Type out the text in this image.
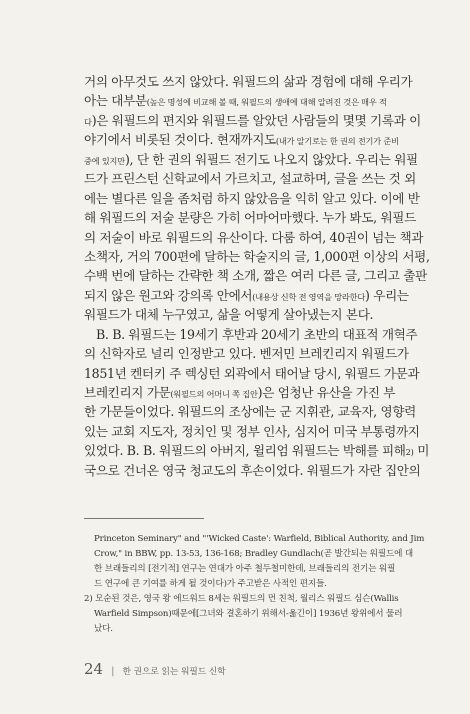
거의 아무것도 쓰지 않았다. 워필드의 삶과 경험에 대해 우리가
아는 대부분(높은 명성에 비교해 볼 때, 워필드의 생애에 대해 알려진 것은 매우 적
다)은 워필드의 편지와 워필드를 알았던 사람들의 몇몇 기록과 이
야기에서 비롯된 것이다. 현재까지도(내가 알기로는 한 권의 전기가 준비
중에 있지만), 단 한 권의 워필드 전기도 나오지 않았다. 우리는 워필
드가 프린스턴 신학교에서 가르치고, 설교하며, 글을 쓰는 것 외
에는 별다른 일을 좀처럼 하지 않았음을 익히 알고 있다. 이에 반
해 워필드의 저술 분량은 가히 어마어마했다. 누가 봐도, 워필드
의 저술이 바로 워필드의 유산이다. 다룸 하여, 40권이 넘는 책과
소책자, 거의 700편에 달하는 학술지의 글, 1,000편 이상의 서평,
수백 번에 달하는 간략한 책 소개, 짧은 여러 다른 글, 그리고 출판
되지 않은 원고와 강의록 안에서(내용상 신학 전 영역을 망라한다) 우리는
워필드가 대체 누구였고, 삶을 어떻게 살아냈는지 본다.
B. B. 워필드는 19세기 후반과 20세기 초반의 대표적 개혁주
의 신학자로 널리 인정받고 있다. 벤저민 브레킨리지 워필드가
1851년 켄터키 주 렉싱턴 외곽에서 태어날 당시, 워필드 가문과
브레킨리지 가문(워필드의 어머니 쪽 집안)은 엄청난 유산을 가진 부
한 가문들이었다. 워필드의 조상에는 군 지휘관, 교육자, 영향력
있는 교회 지도자, 정치인 및 정부 인사, 심지어 미국 부통령까지
있었다. B. B. 워필드의 아버지, 윌리엄 워필드는 박해를 피해2) 미
국으로 건너온 영국 청교도의 후손이었다. 워필드가 자란 집안의
Princeton Seminary" and "'Wicked Caste': Warfield, Biblical Authority, and Jim
Crow," in BBW, pp. 13-53, 136-168; Bradley Gundlach(곧 발간되는 워필드에 대
한 브래들리의 [전기적] 연구는 연대가 아주 철두철미한데, 브래들리의 전기는 워필
드 연구에 큰 기여를 하게 될 것이다)가 주고받은 사적인 편지들.
2) 모순된 것은, 영국 왕 에드워드 8세는 워필드의 먼 친척, 월리스 워필드 심슨(Wallis
Warfield Simpson)때문에[그녀와 결혼하기 위해서-옮긴이] 1936년 왕위에서 물러
났다.
24 | 한 권으로 읽는 워필드 신학
